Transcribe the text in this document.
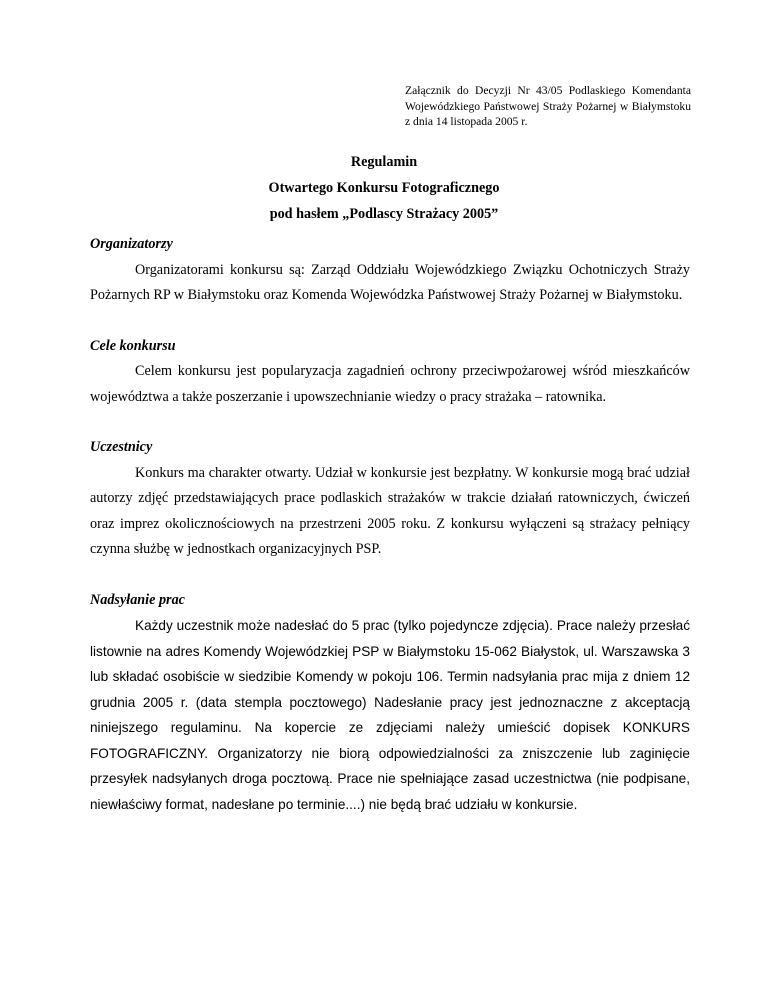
Załącznik do Decyzji Nr 43/05 Podlaskiego Komendanta Wojewódzkiego Państwowej Straży Pożarnej w Białymstoku z dnia 14 listopada 2005 r.
Regulamin
Otwartego Konkursu Fotograficznego
pod hasłem „Podlascy Strażacy 2005”

Organizatorzy

Organizatorami konkursu są: Zarząd Oddziału Wojewódzkiego Związku Ochotniczych Straży Pożarnych RP w Białymstoku oraz Komenda Wojewódzka Państwowej Straży Pożarnej w Białymstoku.

Cele konkursu

Celem konkursu jest popularyzacja zagadnień ochrony przeciwpożarowej wśród mieszkańców województwa a także poszerzanie i upowszechnianie wiedzy o pracy strażaka – ratownika.

Uczestnicy

Konkurs ma charakter otwarty. Udział w konkursie jest bezpłatny. W konkursie mogą brać udział autorzy zdjęć przedstawiających prace podlaskich strażaków w trakcie działań ratowniczych, ćwiczeń oraz imprez okolicznościowych na przestrzeni 2005 roku. Z konkursu wyłączeni są strażacy pełniący czynna służbę w jednostkach organizacyjnych PSP.

Nadsyłanie prac

Każdy uczestnik może nadesłać do 5 prac (tylko pojedyncze zdjęcia). Prace należy przesłać listownie na adres Komendy Wojewódzkiej PSP w Białymstoku 15-062 Białystok, ul. Warszawska 3 lub składać osobiście w siedzibie Komendy w pokoju 106. Termin nadsyłania prac mija z dniem 12 grudnia 2005 r. (data stempla pocztowego) Nadesłanie pracy jest jednoznaczne z akceptacją niniejszego regulaminu. Na kopercie ze zdjęciami należy umieścić dopisek KONKURS FOTOGRAFICZNY. Organizatorzy nie biorą odpowiedzialności za zniszczenie lub zaginięcie przesyłek nadsyłanych droga pocztową. Prace nie spełniające zasad uczestnictwa (nie podpisane, niewłaściwy format, nadesłane po terminie....) nie będą brać udziału w konkursie.
